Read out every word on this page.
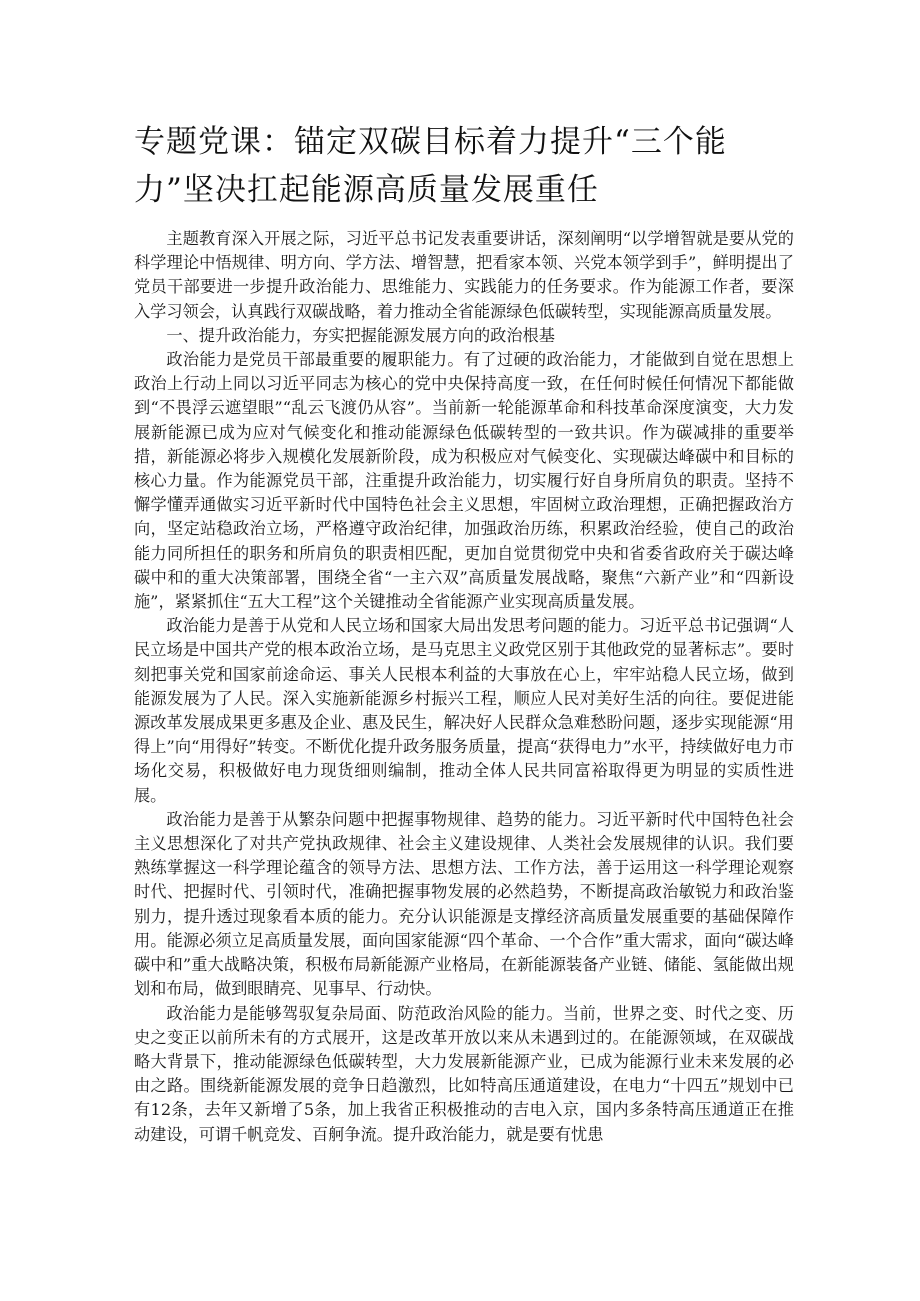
专题党课：锚定双碳目标着力提升“三个能力”坚决扛起能源高质量发展重任

主题教育深入开展之际，习近平总书记发表重要讲话，深刻阐明“以学增智就是要从党的科学理论中悟规律、明方向、学方法、增智慧，把看家本领、兴党本领学到手”，鲜明提出了党员干部要进一步提升政治能力、思维能力、实践能力的任务要求。作为能源工作者，要深入学习领会，认真践行双碳战略，着力推动全省能源绿色低碳转型，实现能源高质量发展。

一、提升政治能力，夯实把握能源发展方向的政治根基

政治能力是党员干部最重要的履职能力。有了过硬的政治能力，才能做到自觉在思想上政治上行动上同以习近平同志为核心的党中央保持高度一致，在任何时候任何情况下都能做到“不畏浮云遮望眼”“乱云飞渡仍从容”。当前新一轮能源革命和科技革命深度演变，大力发展新能源已成为应对气候变化和推动能源绿色低碳转型的一致共识。作为碳减排的重要举措，新能源必将步入规模化发展新阶段，成为积极应对气候变化、实现碳达峰碳中和目标的核心力量。作为能源党员干部，注重提升政治能力，切实履行好自身所肩负的职责。坚持不懈学懂弄通做实习近平新时代中国特色社会主义思想，牢固树立政治理想，正确把握政治方向，坚定站稳政治立场，严格遵守政治纪律，加强政治历练，积累政治经验，使自己的政治能力同所担任的职务和所肩负的职责相匹配，更加自觉贯彻党中央和省委省政府关于碳达峰碳中和的重大决策部署，围绕全省“一主六双”高质量发展战略，聚焦“六新产业”和“四新设施”，紧紧抓住“五大工程”这个关键推动全省能源产业实现高质量发展。

政治能力是善于从党和人民立场和国家大局出发思考问题的能力。习近平总书记强调“人民立场是中国共产党的根本政治立场，是马克思主义政党区别于其他政党的显著标志”。要时刻把事关党和国家前途命运、事关人民根本利益的大事放在心上，牢牢站稳人民立场，做到能源发展为了人民。深入实施新能源乡村振兴工程，顺应人民对美好生活的向往。要促进能源改革发展成果更多惠及企业、惠及民生，解决好人民群众急难愁盼问题，逐步实现能源“用得上”向“用得好”转变。不断优化提升政务服务质量，提高“获得电力”水平，持续做好电力市场化交易，积极做好电力现货细则编制，推动全体人民共同富裕取得更为明显的实质性进展。

政治能力是善于从繁杂问题中把握事物规律、趋势的能力。习近平新时代中国特色社会主义思想深化了对共产党执政规律、社会主义建设规律、人类社会发展规律的认识。我们要熟练掌握这一科学理论蕴含的领导方法、思想方法、工作方法，善于运用这一科学理论观察时代、把握时代、引领时代，准确把握事物发展的必然趋势，不断提高政治敏锐力和政治鉴别力，提升透过现象看本质的能力。充分认识能源是支撑经济高质量发展重要的基础保障作用。能源必须立足高质量发展，面向国家能源“四个革命、一个合作”重大需求，面向“碳达峰碳中和”重大战略决策，积极布局新能源产业格局，在新能源装备产业链、储能、氢能做出规划和布局，做到眼睛亮、见事早、行动快。

政治能力是能够驾驭复杂局面、防范政治风险的能力。当前，世界之变、时代之变、历史之变正以前所未有的方式展开，这是改革开放以来从未遇到过的。在能源领域，在双碳战略大背景下，推动能源绿色低碳转型，大力发展新能源产业，已成为能源行业未来发展的必由之路。围绕新能源发展的竞争日趋激烈，比如特高压通道建设，在电力“十四五”规划中已有12条，去年又新增了5条，加上我省正积极推动的吉电入京，国内多条特高压通道正在推动建设，可谓千帆竞发、百舸争流。提升政治能力，就是要有忧患
